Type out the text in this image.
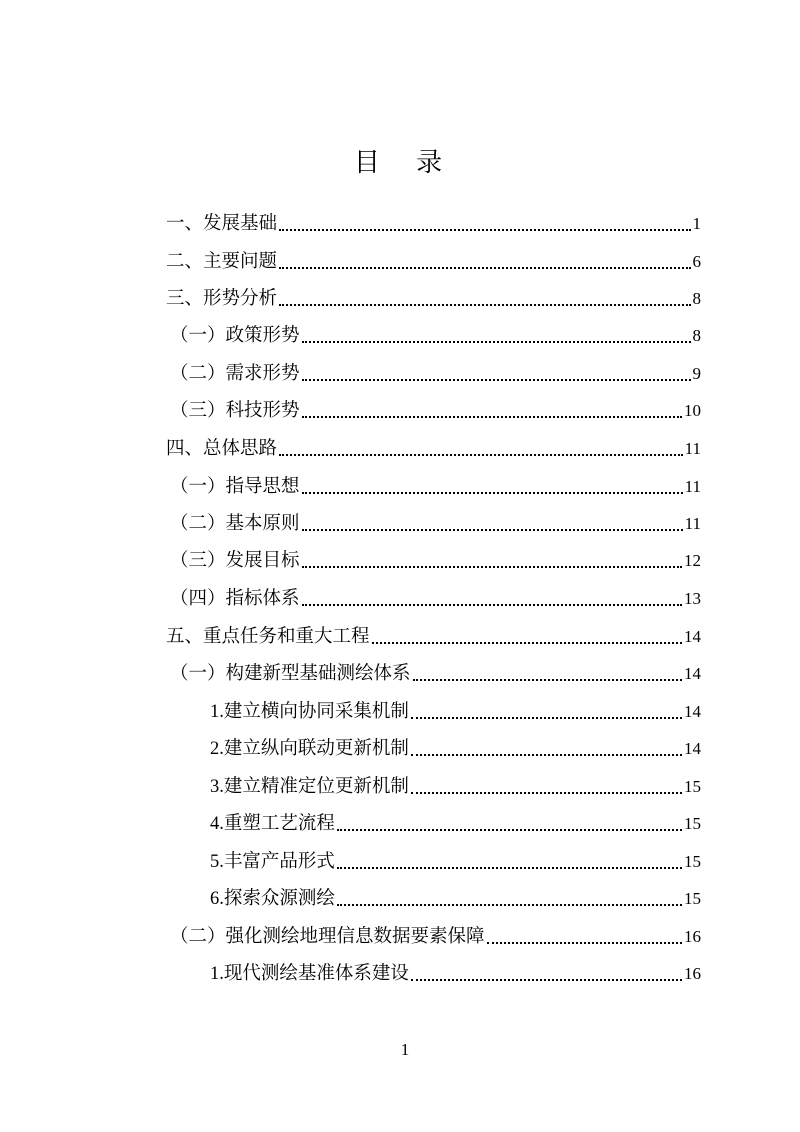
目 录
一、发展基础	1
二、主要问题	6
三、形势分析	8
（一）政策形势	8
（二）需求形势	9
（三）科技形势	10
四、总体思路	11
（一）指导思想	11
（二）基本原则	11
（三）发展目标	12
（四）指标体系	13
五、重点任务和重大工程	14
（一）构建新型基础测绘体系	14
1.建立横向协同采集机制	14
2.建立纵向联动更新机制	14
3.建立精准定位更新机制	15
4.重塑工艺流程	15
5.丰富产品形式	15
6.探索众源测绘	15
（二）强化测绘地理信息数据要素保障	16
1.现代测绘基准体系建设	16
1
